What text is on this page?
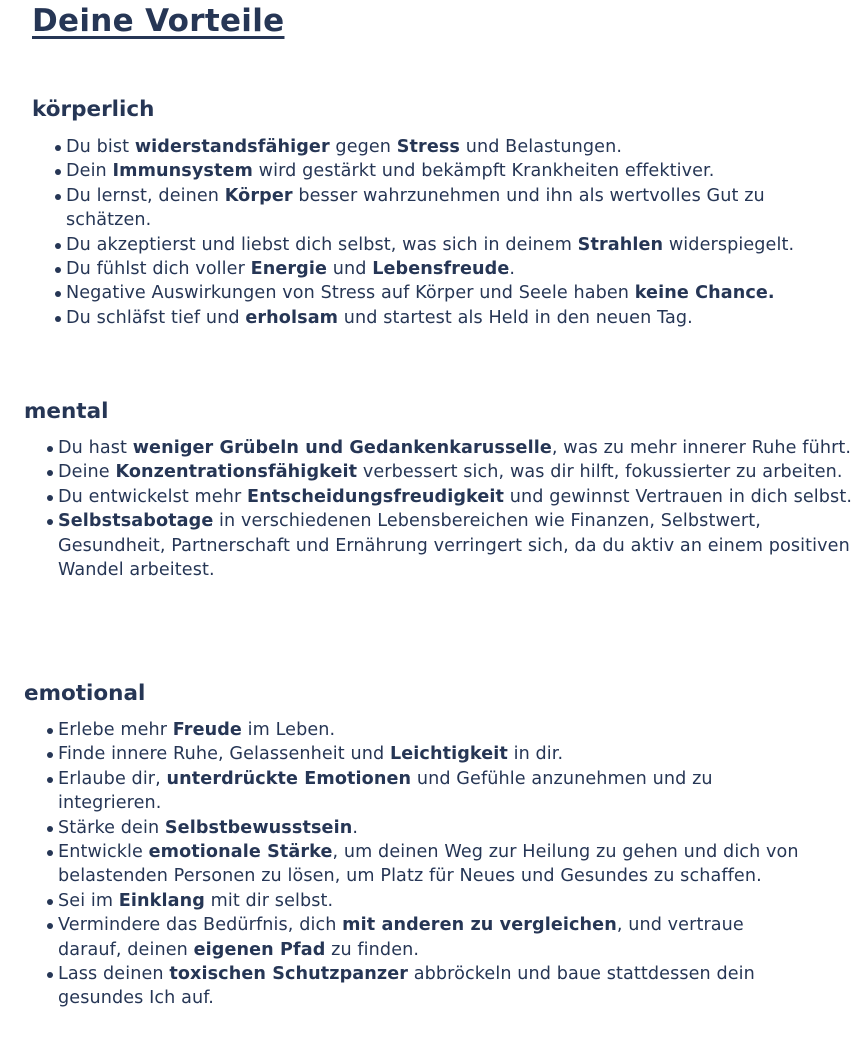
Deine Vorteile
körperlich
Du bist widerstandsfähiger gegen Stress und Belastungen.
Dein Immunsystem wird gestärkt und bekämpft Krankheiten effektiver.
Du lernst, deinen Körper besser wahrzunehmen und ihn als wertvolles Gut zu schätzen.
Du akzeptierst und liebst dich selbst, was sich in deinem Strahlen widerspiegelt.
Du fühlst dich voller Energie und Lebensfreude.
Negative Auswirkungen von Stress auf Körper und Seele haben keine Chance.
Du schläfst tief und erholsam und startest als Held in den neuen Tag.
mental
Du hast weniger Grübeln und Gedankenkarusselle, was zu mehr innerer Ruhe führt.
Deine Konzentrationsfähigkeit verbessert sich, was dir hilft, fokussierter zu arbeiten.
Du entwickelst mehr Entscheidungsfreudigkeit und gewinnst Vertrauen in dich selbst.
Selbstsabotage in verschiedenen Lebensbereichen wie Finanzen, Selbstwert, Gesundheit, Partnerschaft und Ernährung verringert sich, da du aktiv an einem positiven Wandel arbeitest.
emotional
Erlebe mehr Freude im Leben.
Finde innere Ruhe, Gelassenheit und Leichtigkeit in dir.
Erlaube dir, unterdrückte Emotionen und Gefühle anzunehmen und zu integrieren.
Stärke dein Selbstbewusstsein.
Entwickle emotionale Stärke, um deinen Weg zur Heilung zu gehen und dich von belastenden Personen zu lösen, um Platz für Neues und Gesundes zu schaffen.
Sei im Einklang mit dir selbst.
Vermindere das Bedürfnis, dich mit anderen zu vergleichen, und vertraue darauf, deinen eigenen Pfad zu finden.
Lass deinen toxischen Schutzpanzer abbröckeln und baue stattdessen dein gesundes Ich auf.
